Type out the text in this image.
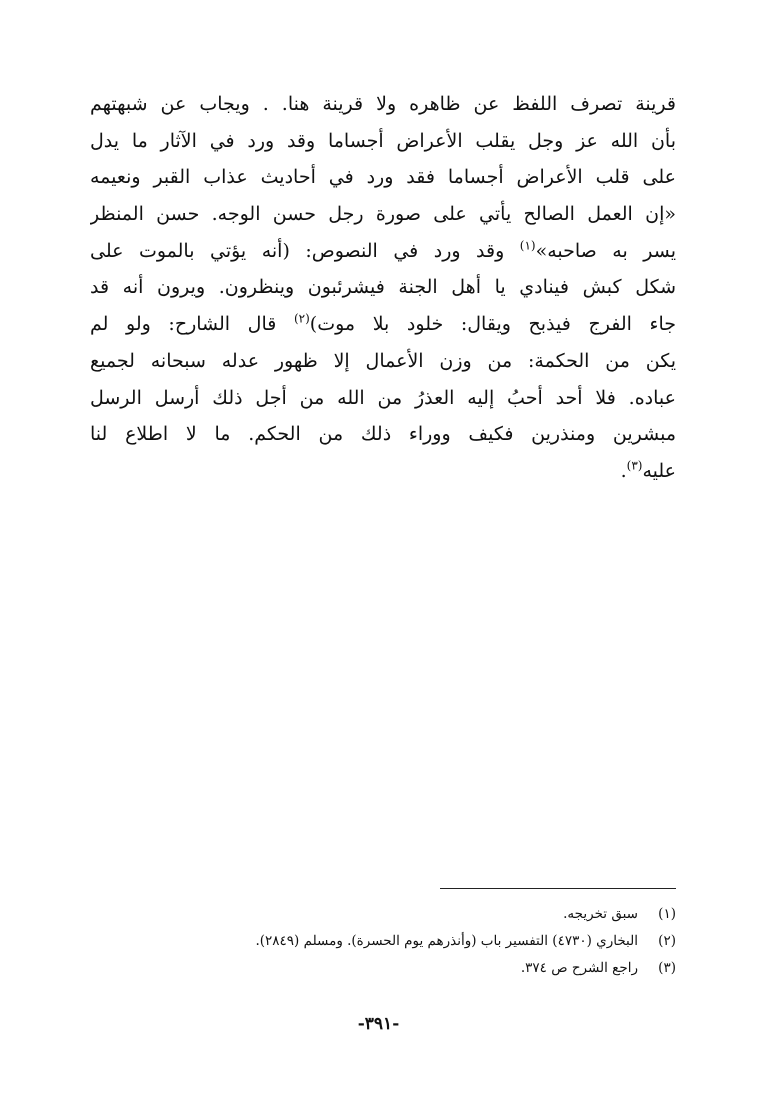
قرينة تصرف اللفظ عن ظاهره ولا قرينة هنا. . ويجاب عن شبهتهم
بأن الله عز وجل يقلب الأعراض أجساما وقد ورد في الآثار ما يدل
على قلب الأعراض أجساما فقد ورد في أحاديث عذاب القبر ونعيمه
«إن العمل الصالح يأتي على صورة رجل حسن الوجه. حسن المنظر
يسر به صاحبه»$^{(١)}$ وقد ورد في النصوص: (أنه يؤتي بالموت على
شكل كبش فينادي يا أهل الجنة فيشرئبون وينظرون. ويرون أنه قد
جاء الفرج فيذبح ويقال: خلود بلا موت)$^{(٢)}$ قال الشارح: ولو لم
يكن من الحكمة: من وزن الأعمال إلا ظهور عدله سبحانه لجميع
عباده. فلا أحد أحبُ إليه العذرُ من الله من أجل ذلك أرسل الرسل
مبشرين ومنذرين فكيف ووراء ذلك من الحكم. ما لا اطلاع لنا
عليه$^{(٣)}$.
(١)
سبق تخريجه.
(٢)
البخاري (٤٧٣٠) التفسير باب (وأنذرهم يوم الحسرة). ومسلم (٢٨٤٩).
(٣)
راجع الشرح ص ٣٧٤.
-٣٩١-
